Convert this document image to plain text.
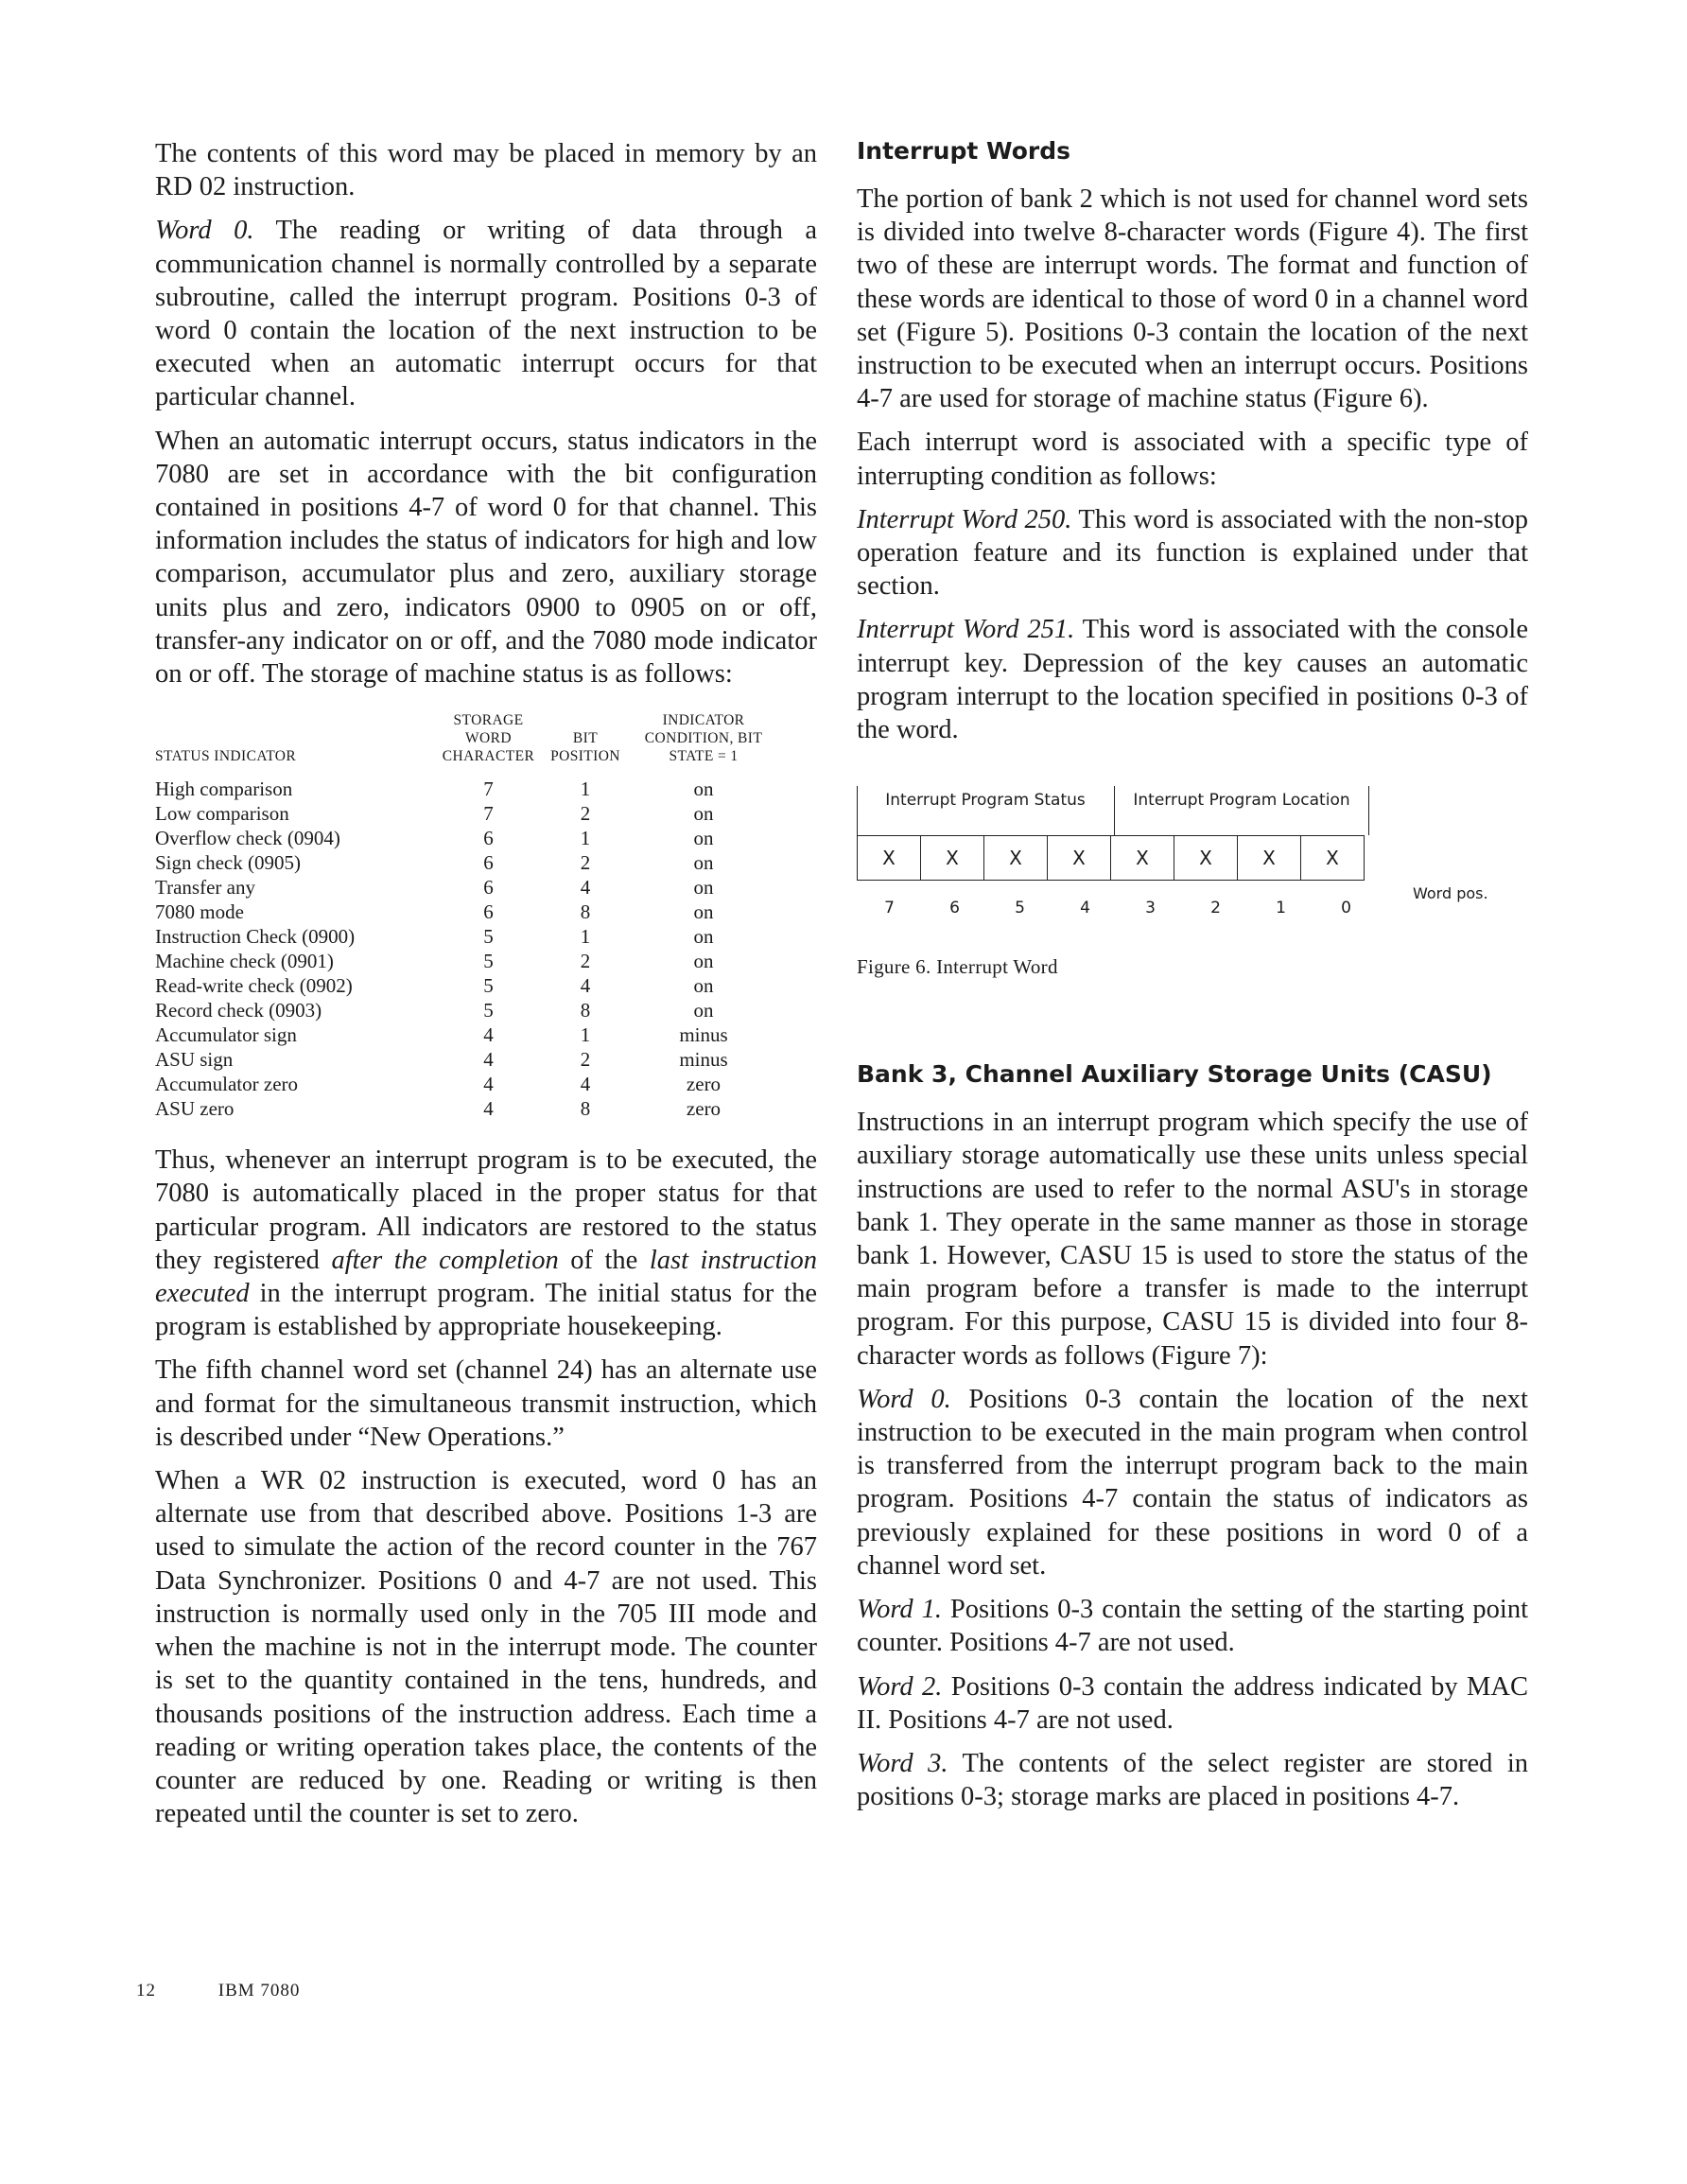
The contents of this word may be placed in memory by an RD 02 instruction.

Word 0. The reading or writing of data through a communication channel is normally controlled by a separate subroutine, called the interrupt program. Positions 0-3 of word 0 contain the location of the next instruction to be executed when an automatic interrupt occurs for that particular channel.

When an automatic interrupt occurs, status indicators in the 7080 are set in accordance with the bit configuration contained in positions 4-7 of word 0 for that channel. This information includes the status of indicators for high and low comparison, accumulator plus and zero, auxiliary storage units plus and zero, indicators 0900 to 0905 on or off, transfer-any indicator on or off, and the 7080 mode indicator on or off. The storage of machine status is as follows:

STATUS INDICATOR	STORAGE WORD CHARACTER	BIT POSITION	INDICATOR CONDITION, BIT STATE = 1
High comparison	7	1	on
Low comparison	7	2	on
Overflow check (0904)	6	1	on
Sign check (0905)	6	2	on
Transfer any	6	4	on
7080 mode	6	8	on
Instruction Check (0900)	5	1	on
Machine check (0901)	5	2	on
Read-write check (0902)	5	4	on
Record check (0903)	5	8	on
Accumulator sign	4	1	minus
ASU sign	4	2	minus
Accumulator zero	4	4	zero
ASU zero	4	8	zero

Thus, whenever an interrupt program is to be executed, the 7080 is automatically placed in the proper status for that particular program. All indicators are restored to the status they registered after the completion of the last instruction executed in the interrupt program. The initial status for the program is established by appropriate housekeeping.

The fifth channel word set (channel 24) has an alternate use and format for the simultaneous transmit instruction, which is described under “New Operations.”

When a WR 02 instruction is executed, word 0 has an alternate use from that described above. Positions 1-3 are used to simulate the action of the record counter in the 767 Data Synchronizer. Positions 0 and 4-7 are not used. This instruction is normally used only in the 705 III mode and when the machine is not in the interrupt mode. The counter is set to the quantity contained in the tens, hundreds, and thousands positions of the instruction address. Each time a reading or writing operation takes place, the contents of the counter are reduced by one. Reading or writing is then repeated until the counter is set to zero.

Interrupt Words

The portion of bank 2 which is not used for channel word sets is divided into twelve 8-character words (Figure 4). The first two of these are interrupt words. The format and function of these words are identical to those of word 0 in a channel word set (Figure 5). Positions 0-3 contain the location of the next instruction to be executed when an interrupt occurs. Positions 4-7 are used for storage of machine status (Figure 6).

Each interrupt word is associated with a specific type of interrupting condition as follows:

Interrupt Word 250. This word is associated with the non-stop operation feature and its function is explained under that section.

Interrupt Word 251. This word is associated with the console interrupt key. Depression of the key causes an automatic program interrupt to the location specified in positions 0-3 of the word.

Interrupt Program Status	Interrupt Program Location
X	X	X	X	X	X	X	X
7	6	5	4	3	2	1	0
Word pos.
Figure 6. Interrupt Word
Bank 3, Channel Auxiliary Storage Units (CASU)

Instructions in an interrupt program which specify the use of auxiliary storage automatically use these units unless special instructions are used to refer to the normal ASU's in storage bank 1. They operate in the same manner as those in storage bank 1. However, CASU 15 is used to store the status of the main program before a transfer is made to the interrupt program. For this purpose, CASU 15 is divided into four 8-character words as follows (Figure 7):

Word 0. Positions 0-3 contain the location of the next instruction to be executed in the main program when control is transferred from the interrupt program back to the main program. Positions 4-7 contain the status of indicators as previously explained for these positions in word 0 of a channel word set.

Word 1. Positions 0-3 contain the setting of the starting point counter. Positions 4-7 are not used.

Word 2. Positions 0-3 contain the address indicated by MAC II. Positions 4-7 are not used.

Word 3. The contents of the select register are stored in positions 0-3; storage marks are placed in positions 4-7.

12	IBM 7080
